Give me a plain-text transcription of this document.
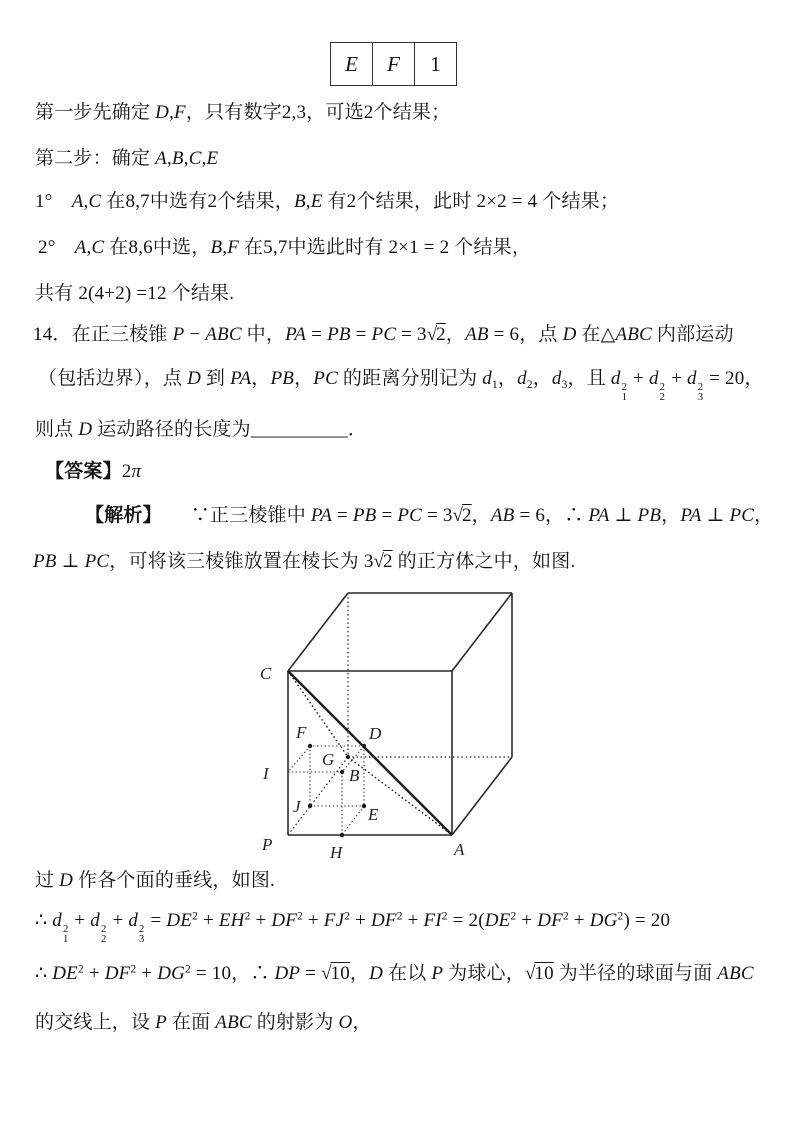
E F	1
第一步先确定 D,F，只有数字2,3，可选2个结果；
第二步：确定 A,B,C,E
1°　A,C 在8,7中选有2个结果，B,E 有2个结果，此时 2×2 = 4 个结果；
2°　A,C 在8,6中选，B,F 在5,7中选此时有 2×1 = 2 个结果，
共有 2(4+2) =12 个结果.
14．在正三棱锥 P − ABC 中，PA = PB = PC = 3√2，AB = 6，点 D 在△ABC 内部运动
（包括边界），点 D 到 PA，PB，PC 的距离分别记为 $d_1$，$d_2$，$d_3$，且 d 2
1
+ d 2
2
+ d 2
3
= 20，
则点 D 运动路径的长度为__________．
【答案】2π
【解析】　　∵正三棱锥中 PA = PB = PC = 3√2，AB = 6，∴ PA ⊥ PB，PA ⊥ PC，
PB ⊥ PC，可将该三棱锥放置在棱长为 3√2 的正方体之中，如图.
过 D 作各个面的垂线，如图.
∴ d 2
1
+ d 2
2
+ d 2
3
= $DE^2 + EH^2 + DF^2 + FJ^2 + DF^2 + FI^2 = 2(DE^2 + DF^2 + DG^2) = 20$
∴ $DE^2 + DF^2 + DG^2 = 10$，∴ DP = √10，D 在以 P 为球心，√10 为半径的球面与面 ABC
的交线上，设 P 在面 ABC 的射影为 O，
C
P	A
H
I
J
F
G
B
D
E
